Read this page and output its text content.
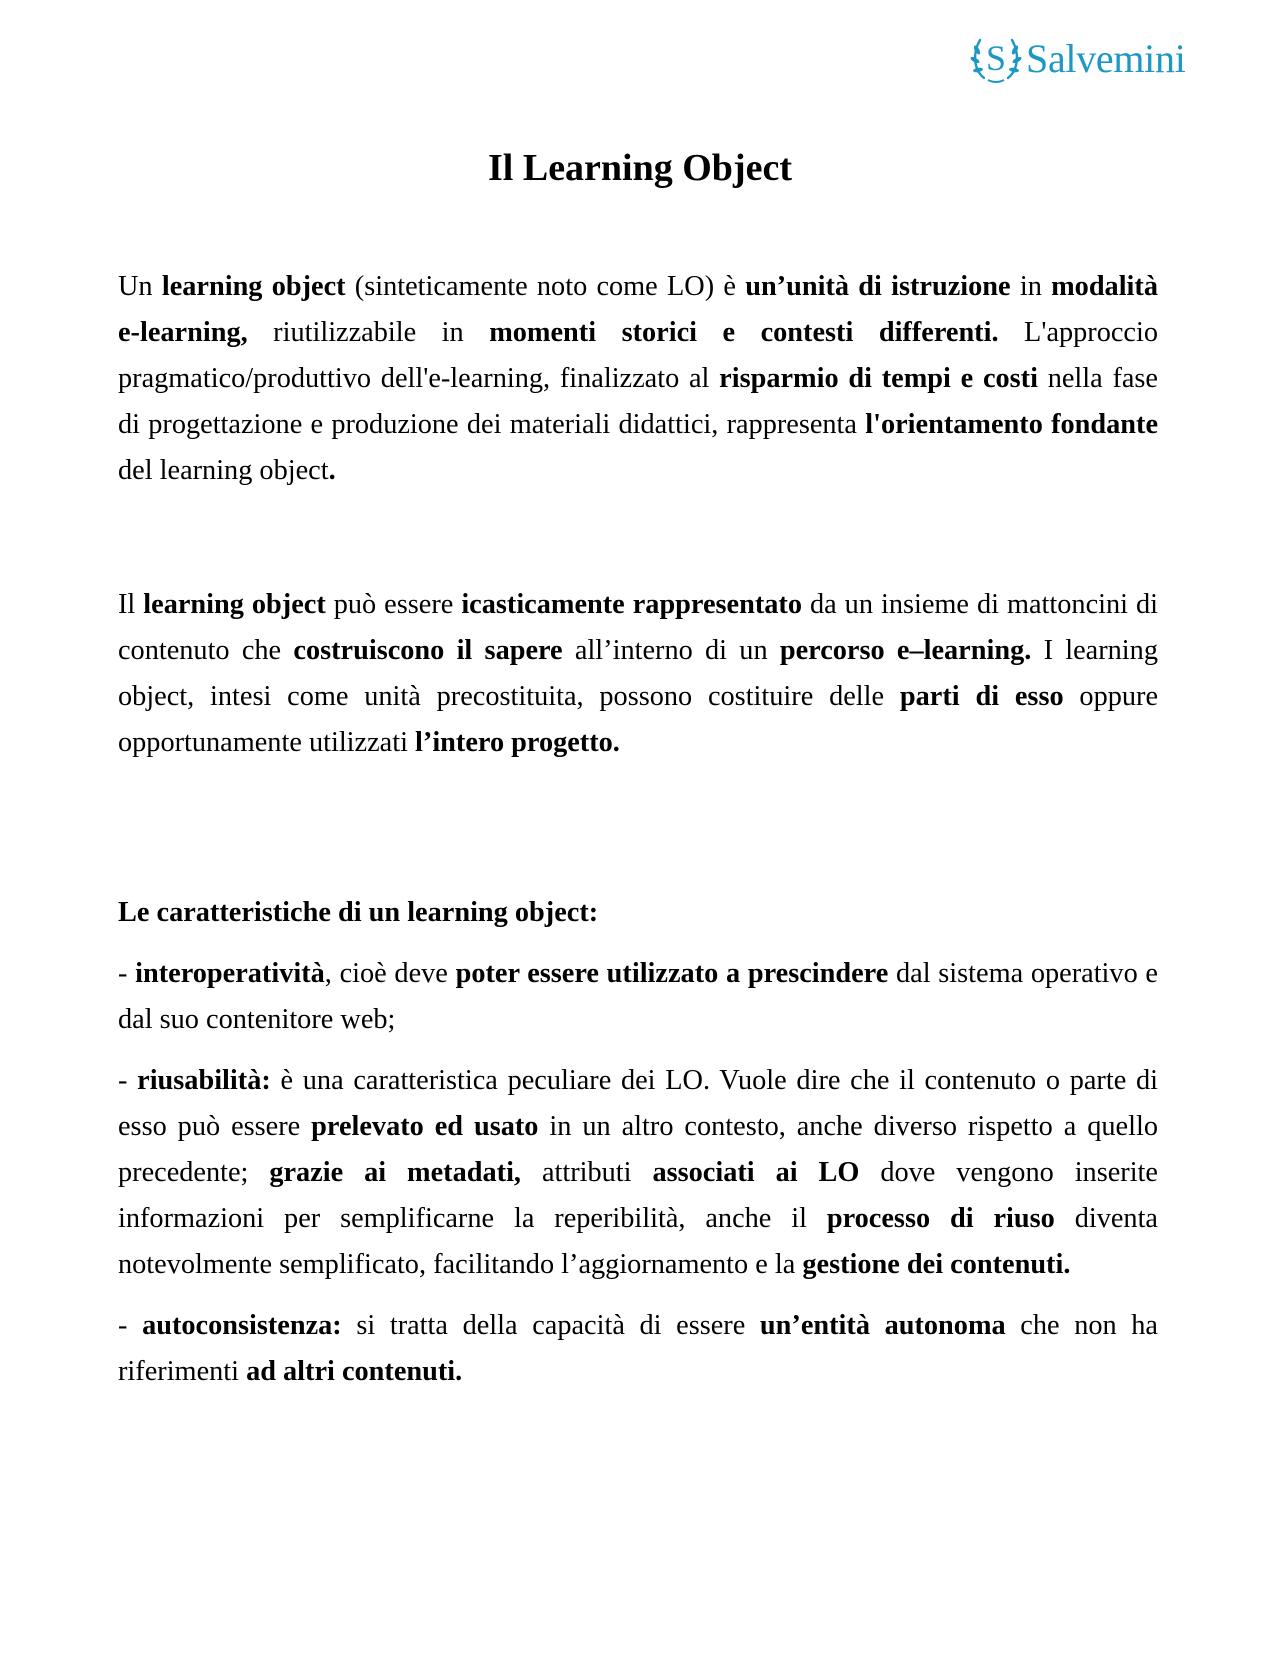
S Salvemini
Il Learning Object

Un learning object (sinteticamente noto come LO) è un’unità di istruzione in modalità e-learning, riutilizzabile in momenti storici e contesti differenti. L'approccio pragmatico/produttivo dell'e-learning, finalizzato al risparmio di tempi e costi nella fase di progettazione e produzione dei materiali didattici, rappresenta l'orientamento fondante del learning object.

Il learning object può essere icasticamente rappresentato da un insieme di mattoncini di contenuto che costruiscono il sapere all’interno di un percorso e–learning. I learning object, intesi come unità precostituita, possono costituire delle parti di esso oppure opportunamente utilizzati l’intero progetto.

Le caratteristiche di un learning object:

- interoperatività, cioè deve poter essere utilizzato a prescindere dal sistema operativo e dal suo contenitore web;

- riusabilità: è una caratteristica peculiare dei LO. Vuole dire che il contenuto o parte di esso può essere prelevato ed usato in un altro contesto, anche diverso rispetto a quello precedente; grazie ai metadati, attributi associati ai LO dove vengono inserite informazioni per semplificarne la reperibilità, anche il processo di riuso diventa notevolmente semplificato, facilitando l’aggiornamento e la gestione dei contenuti.

- autoconsistenza: si tratta della capacità di essere un’entità autonoma che non ha riferimenti ad altri contenuti.
